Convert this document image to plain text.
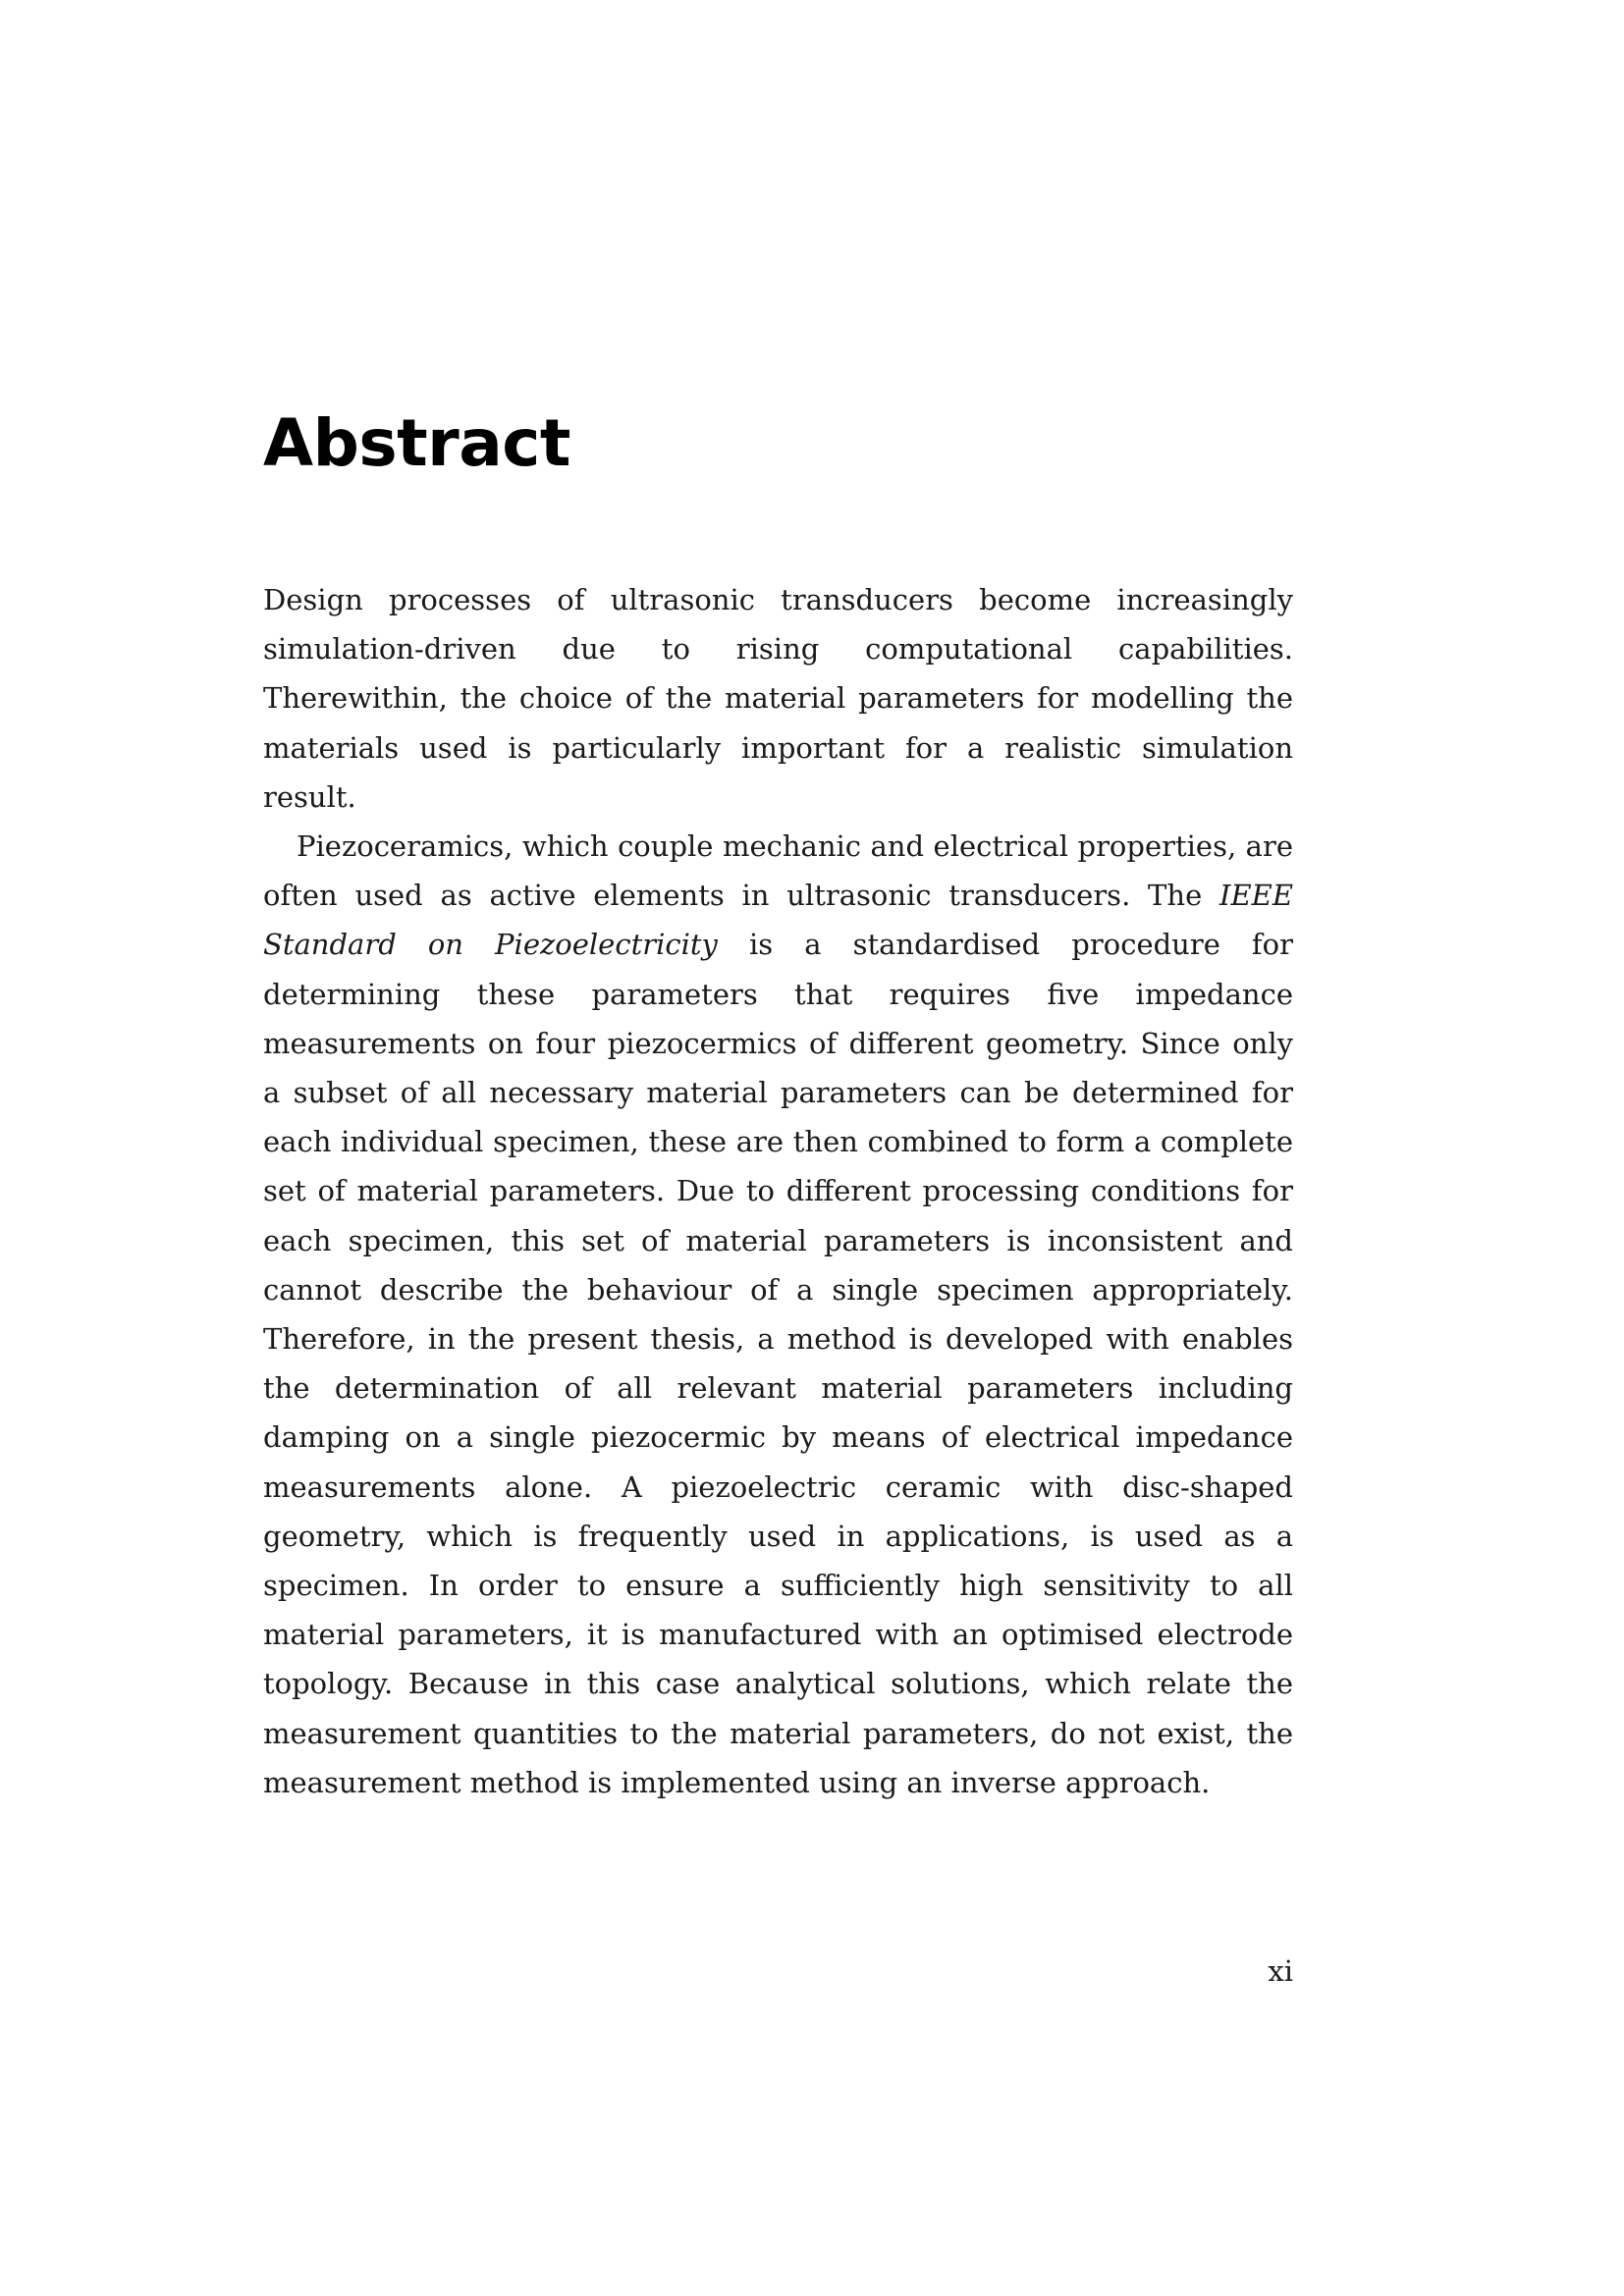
Abstract

Design processes of ultrasonic transducers become increasingly simulation-driven due to rising computational capabilities. Therewithin, the choice of the material parameters for modelling the materials used is particularly important for a realistic simulation result.

Piezoceramics, which couple mechanic and electrical properties, are often used as active elements in ultrasonic transducers. The IEEE Standard on Piezoelectricity is a standardised procedure for determining these parameters that requires five impedance measurements on four piezocermics of different geometry. Since only a subset of all necessary material parameters can be determined for each individual specimen, these are then combined to form a complete set of material parameters. Due to different processing conditions for each specimen, this set of material parameters is inconsistent and cannot describe the behaviour of a single specimen appropriately. Therefore, in the present thesis, a method is developed with enables the determination of all relevant material parameters including damping on a single piezocermic by means of electrical impedance measurements alone. A piezoelectric ceramic with disc-shaped geometry, which is frequently used in applications, is used as a specimen. In order to ensure a sufficiently high sensitivity to all material parameters, it is manufactured with an optimised electrode topology. Because in this case analytical solutions, which relate the measurement quantities to the material parameters, do not exist, the measurement method is implemented using an inverse approach.

xi
